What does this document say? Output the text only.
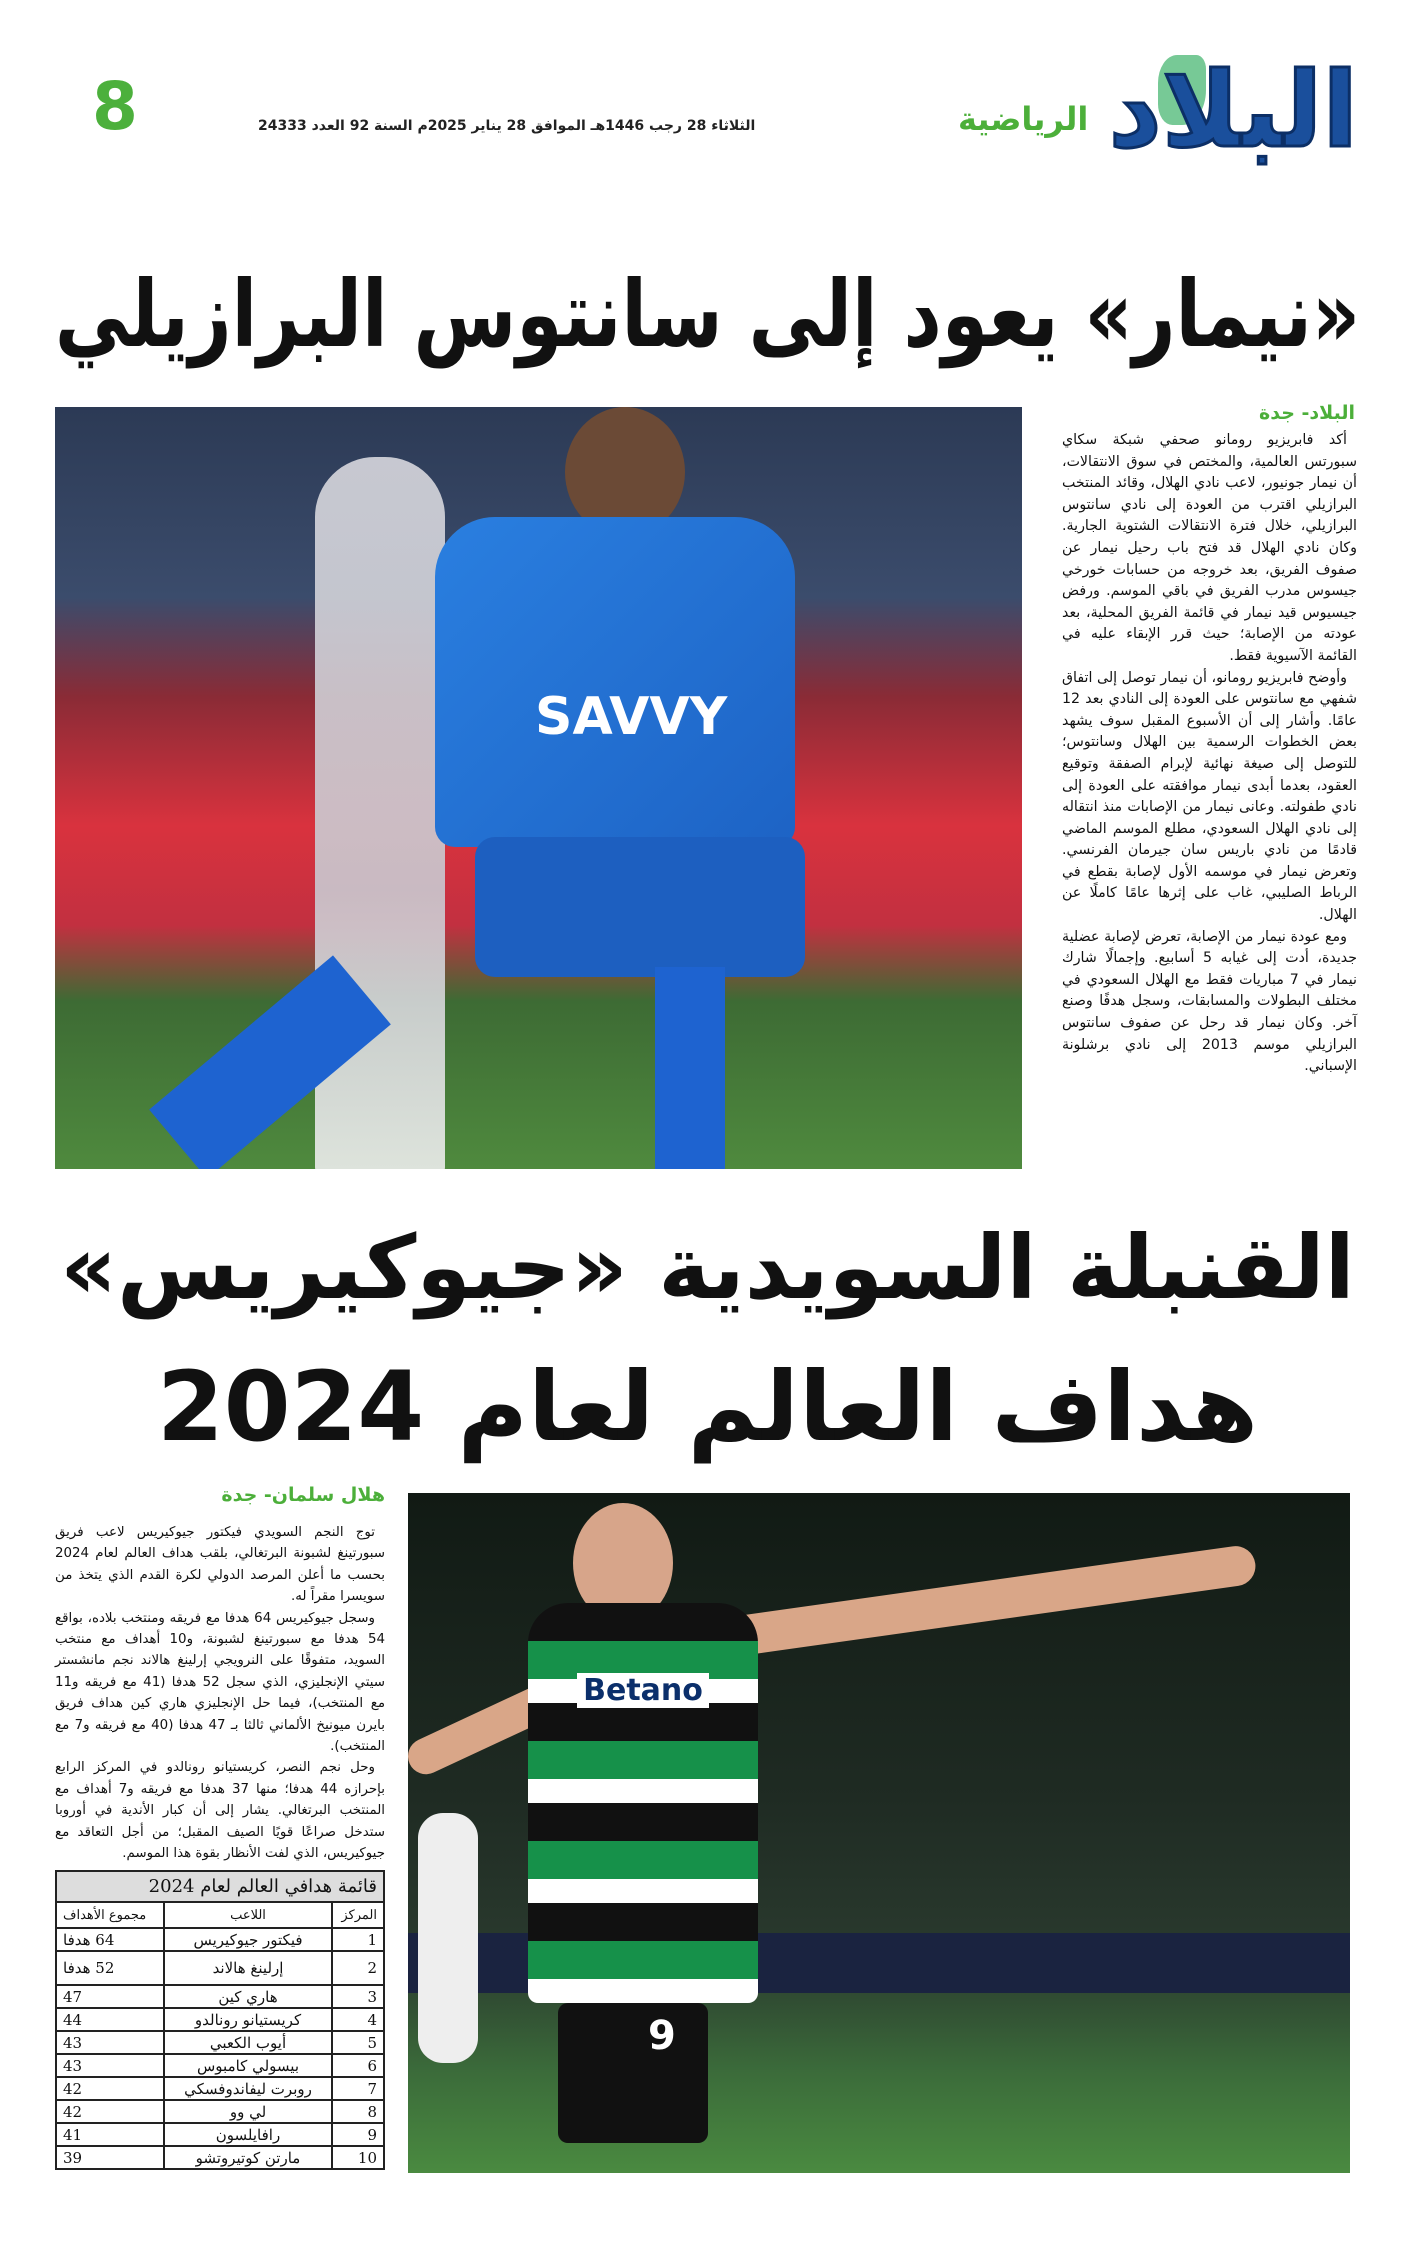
البلاد
الرياضية
الثلاثاء 28 رجب 1446هـ الموافق 28 يناير 2025م السنة 92 العدد 24333
8
SAVVY
«نيمار» يعود إلى سانتوس البرازيلي
البلاد- جدة

أكد فابريزيو رومانو صحفي شبكة سكاي سبورتس العالمية، والمختص في سوق الانتقالات، أن نيمار جونيور، لاعب نادي الهلال، وقائد المنتخب البرازيلي اقترب من العودة إلى نادي سانتوس البرازيلي، خلال فترة الانتقالات الشتوية الجارية. وكان نادي الهلال قد فتح باب رحيل نيمار عن صفوف الفريق، بعد خروجه من حسابات خورخي جيسوس مدرب الفريق في باقي الموسم. ورفض جيسيوس قيد نيمار في قائمة الفريق المحلية، بعد عودته من الإصابة؛ حيث قرر الإبقاء عليه في القائمة الآسيوية فقط.

وأوضح فابريزيو رومانو، أن نيمار توصل إلى اتفاق شفهي مع سانتوس على العودة إلى النادي بعد 12 عامًا. وأشار إلى أن الأسبوع المقبل سوف يشهد بعض الخطوات الرسمية بين الهلال وسانتوس؛ للتوصل إلى صيغة نهائية لإبرام الصفقة وتوقيع العقود، بعدما أبدى نيمار موافقته على العودة إلى نادي طفولته. وعانى نيمار من الإصابات منذ انتقاله إلى نادي الهلال السعودي، مطلع الموسم الماضي قادمًا من نادي باريس سان جيرمان الفرنسي. وتعرض نيمار في موسمه الأول لإصابة بقطع في الرباط الصليبي، غاب على إثرها عامًا كاملًا عن الهلال.

ومع عودة نيمار من الإصابة، تعرض لإصابة عضلية جديدة، أدت إلى غيابه 5 أسابيع. وإجمالًا شارك نيمار في 7 مباريات فقط مع الهلال السعودي في مختلف البطولات والمسابقات، وسجل هدفًا وصنع آخر. وكان نيمار قد رحل عن صفوف سانتوس البرازيلي موسم 2013 إلى نادي برشلونة الإسباني.

القنبلة السويدية «جيوكيريس»
هداف العالم لعام 2024
هلال سلمان- جدة

توج النجم السويدي فيكتور جيوكيريس لاعب فريق سبورتينغ لشبونة البرتغالي، بلقب هداف العالم لعام 2024 بحسب ما أعلن المرصد الدولي لكرة القدم الذي يتخذ من سويسرا مقراً له.

وسجل جيوكيريس 64 هدفا مع فريقه ومنتخب بلاده، بواقع 54 هدفا مع سبورتينغ لشبونة، و10 أهداف مع منتخب السويد، متفوقًا على النرويجي إرلينغ هالاند نجم مانشستر سيتي الإنجليزي، الذي سجل 52 هدفا (41 مع فريقه و11 مع المنتخب)، فيما حل الإنجليزي هاري كين هداف فريق بايرن ميونيخ الألماني ثالثا بـ 47 هدفا (40 مع فريقه و7 مع المنتخب).

وحل نجم النصر، كريستيانو رونالدو في المركز الرابع بإحرازه 44 هدفا؛ منها 37 هدفا مع فريقه و7 أهداف مع المنتخب البرتغالي. يشار إلى أن كبار الأندية في أوروبا ستدخل صراعًا قويًا الصيف المقبل؛ من أجل التعاقد مع جيوكيريس، الذي لفت الأنظار بقوة هذا الموسم.

قائمة هدافي العالم لعام 2024		
المركز	اللاعب	مجموع الأهداف
1	فيكتور جيوكيريس	64 هدفا
2	إرلينغ هالاند	52 هدفا
3	هاري كين	47
4	كريستيانو رونالدو	44
5	أيوب الكعبي	43
6	بيسولي كامبوس	43
7	روبرت ليفاندوفسكي	42
8	لي وو	42
9	رافايلسون	41
10	مارتن كوتيروتشو	39
Betano
9
